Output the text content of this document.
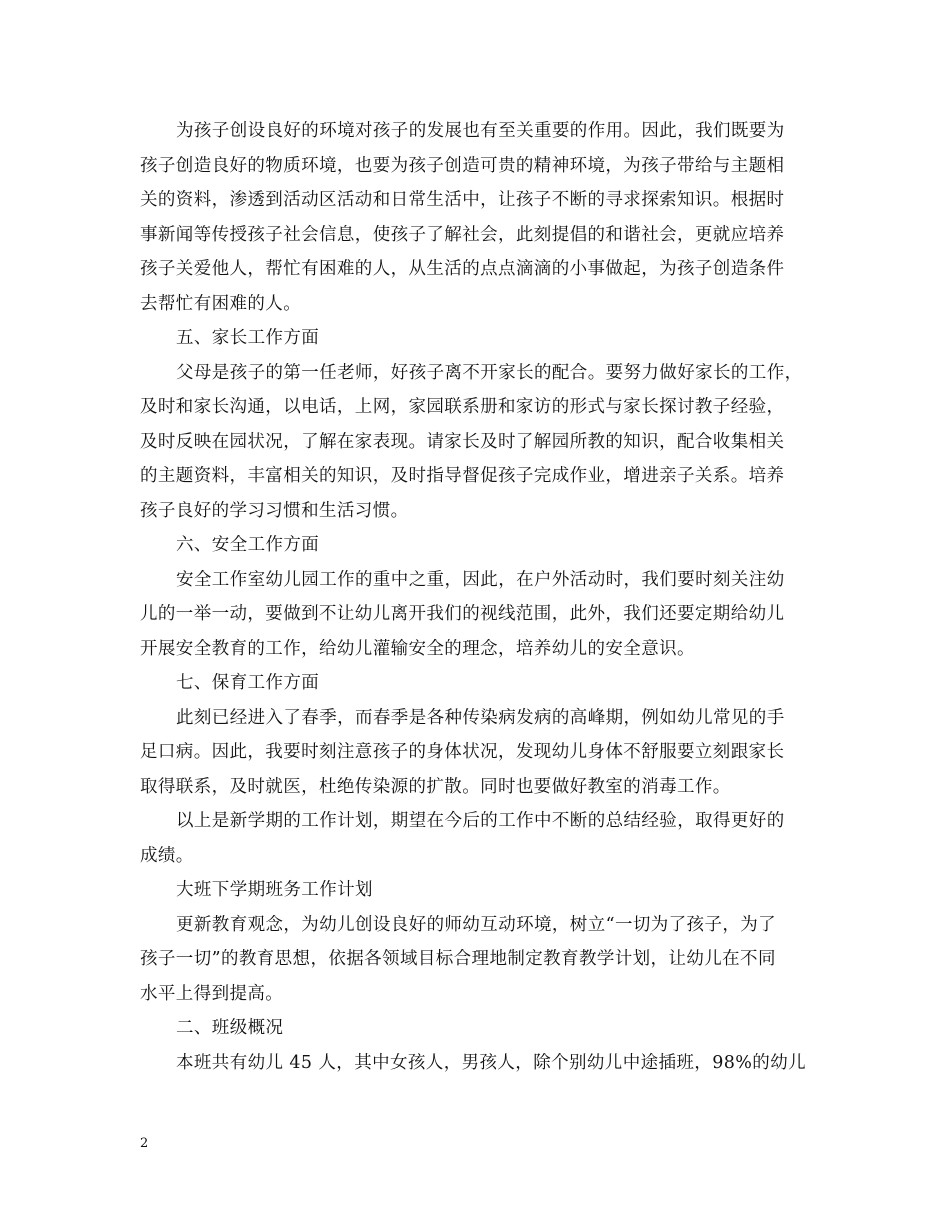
为孩子创设良好的环境对孩子的发展也有至关重要的作用。因此，我们既要为
孩子创造良好的物质环境，也要为孩子创造可贵的精神环境，为孩子带给与主题相
关的资料，渗透到活动区活动和日常生活中，让孩子不断的寻求探索知识。根据时
事新闻等传授孩子社会信息，使孩子了解社会，此刻提倡的和谐社会，更就应培养
孩子关爱他人，帮忙有困难的人，从生活的点点滴滴的小事做起，为孩子创造条件
去帮忙有困难的人。
五、家长工作方面
父母是孩子的第一任老师，好孩子离不开家长的配合。要努力做好家长的工作，
及时和家长沟通，以电话，上网，家园联系册和家访的形式与家长探讨教子经验，
及时反映在园状况，了解在家表现。请家长及时了解园所教的知识，配合收集相关
的主题资料，丰富相关的知识，及时指导督促孩子完成作业，增进亲子关系。培养
孩子良好的学习习惯和生活习惯。
六、安全工作方面
安全工作室幼儿园工作的重中之重，因此，在户外活动时，我们要时刻关注幼
儿的一举一动，要做到不让幼儿离开我们的视线范围，此外，我们还要定期给幼儿
开展安全教育的工作，给幼儿灌输安全的理念，培养幼儿的安全意识。
七、保育工作方面
此刻已经进入了春季，而春季是各种传染病发病的高峰期，例如幼儿常见的手
足口病。因此，我要时刻注意孩子的身体状况，发现幼儿身体不舒服要立刻跟家长
取得联系，及时就医，杜绝传染源的扩散。同时也要做好教室的消毒工作。
以上是新学期的工作计划，期望在今后的工作中不断的总结经验，取得更好的
成绩。
大班下学期班务工作计划
更新教育观念，为幼儿创设良好的师幼互动环境，树立“一切为了孩子，为了
孩子一切”的教育思想，依据各领域目标合理地制定教育教学计划，让幼儿在不同
水平上得到提高。
二、班级概况
本班共有幼儿 45 人，其中女孩人，男孩人，除个别幼儿中途插班，98%的幼儿
2
